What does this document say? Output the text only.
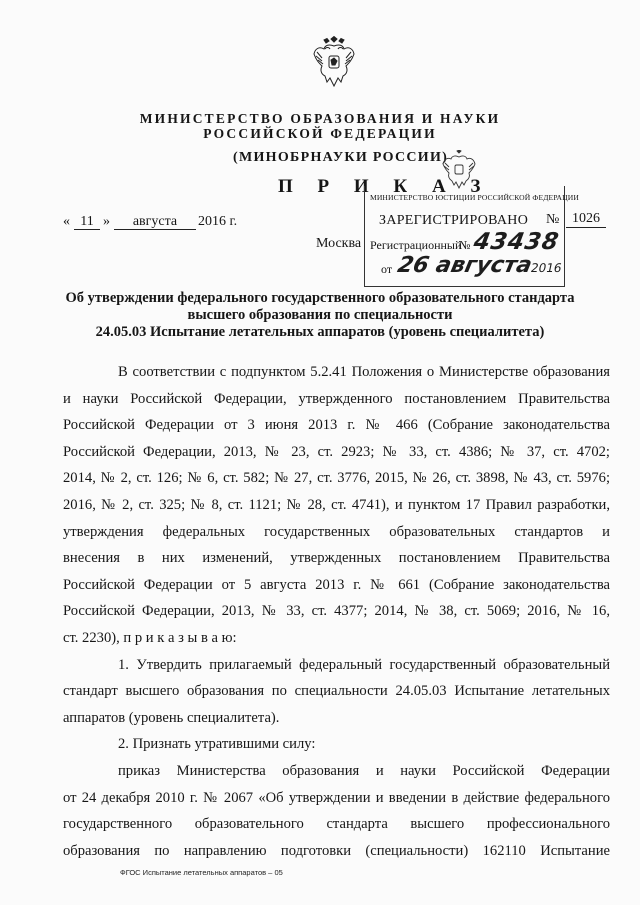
МИНИСТЕРСТВО ОБРАЗОВАНИЯ И НАУКИ
РОССИЙСКОЙ ФЕДЕРАЦИИ
(МИНОБРНАУКИ РОССИИ)
П Р И К А З
« 11 »	августа	2016 г.
Москва
МИНИСТЕРСТВО ЮСТИЦИИ РОССИЙСКОЙ ФЕДЕРАЦИИ
ЗАРЕГИСТРИРОВАНО
Регистрационный
№ 43438
от 26 августа2016
№ 1026
Об утверждении федерального государственного образовательного стандарта
высшего образования по специальности
24.05.03 Испытание летательных аппаратов (уровень специалитета)
В соответствии с подпунктом 5.2.41 Положения о Министерстве образования
и науки Российской Федерации, утвержденного постановлением Правительства
Российской Федерации от 3 июня 2013 г. № 466 (Собрание законодательства
Российской Федерации, 2013, № 23, ст. 2923; № 33, ст. 4386; № 37, ст. 4702;
2014, № 2, ст. 126; № 6, ст. 582; № 27, ст. 3776, 2015, № 26, ст. 3898, № 43, ст. 5976;
2016, № 2, ст. 325; № 8, ст. 1121; № 28, ст. 4741), и пунктом 17 Правил разработки,
утверждения федеральных государственных образовательных стандартов и
внесения в них изменений, утвержденных постановлением Правительства
Российской Федерации от 5 августа 2013 г. № 661 (Собрание законодательства
Российской Федерации, 2013, № 33, ст. 4377; 2014, № 38, ст. 5069; 2016, № 16,
ст. 2230), п р и к а з ы в а ю:
1. Утвердить прилагаемый федеральный государственный образовательный
стандарт высшего образования по специальности 24.05.03 Испытание летательных
аппаратов (уровень специалитета).
2. Признать утратившими силу:
приказ Министерства образования и науки Российской Федерации
от 24 декабря 2010 г. № 2067 «Об утверждении и введении в действие федерального
государственного образовательного стандарта высшего профессионального
образования по направлению подготовки (специальности) 162110 Испытание
ФГОС Испытание летательных аппаратов – 05
